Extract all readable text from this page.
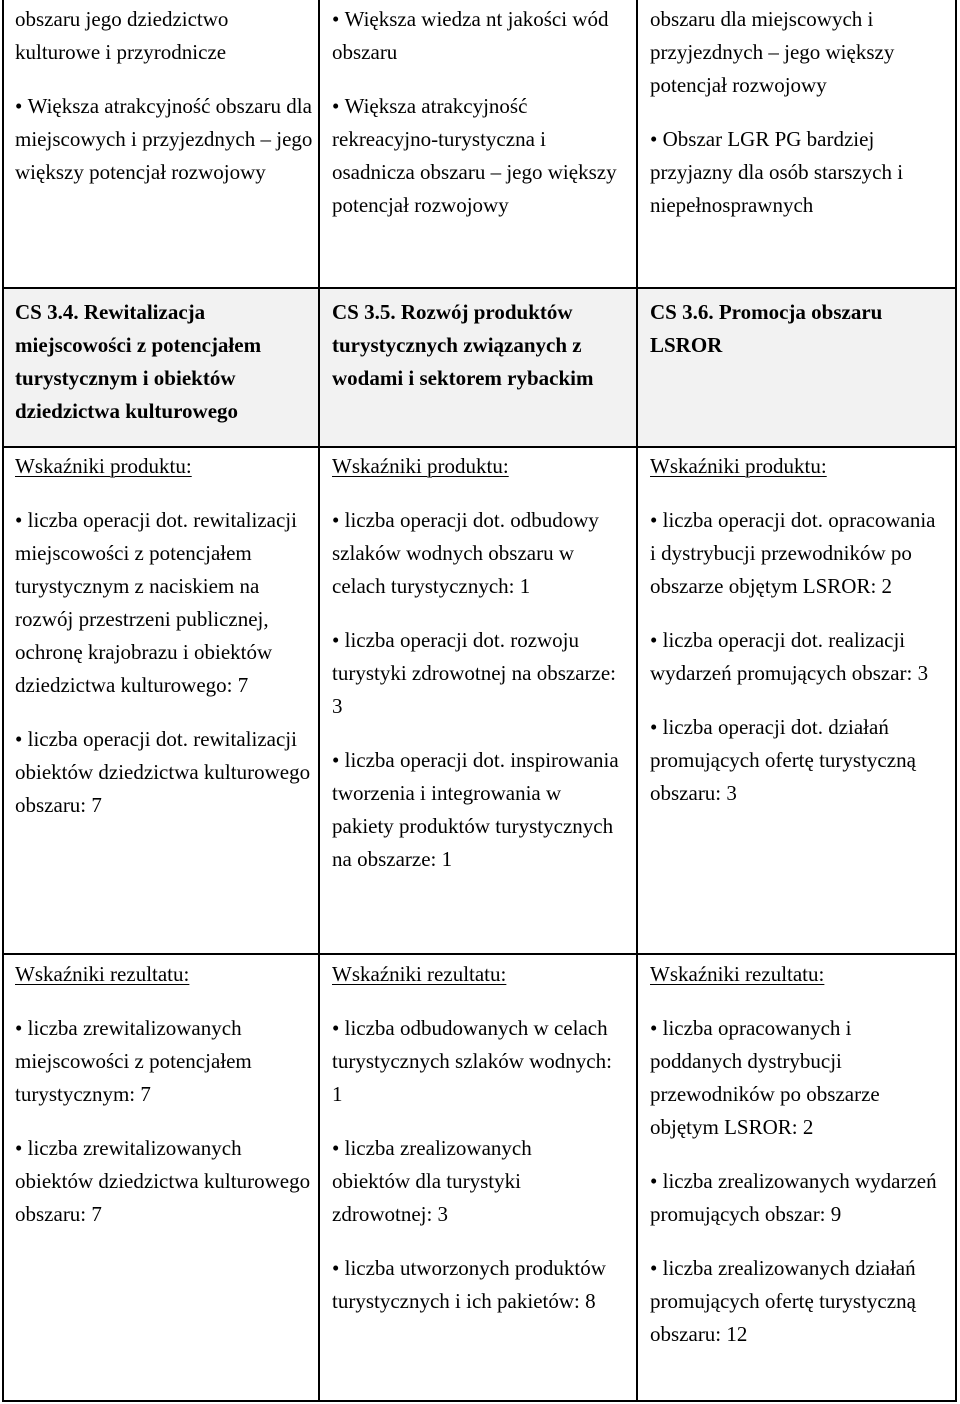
obszaru jego dziedzictwo kulturowe i przyrodnicze

• Większa atrakcyjność obszaru dla miejscowych i przyjezdnych – jego większy potencjał rozwojowy

• Większa wiedza nt jakości wód obszaru

• Większa atrakcyjność rekreacyjno-turystyczna i osadnicza obszaru – jego większy potencjał rozwojowy

obszaru dla miejscowych i przyjezdnych – jego większy potencjał rozwojowy

• Obszar LGR PG bardziej przyjazny dla osób starszych i niepełnosprawnych

CS 3.4. Rewitalizacja miejscowości z potencjałem turystycznym i obiektów dziedzictwa kulturowego

CS 3.5. Rozwój produktów turystycznych związanych z wodami i sektorem rybackim

CS 3.6. Promocja obszaru LSROR

Wskaźniki produktu:

• liczba operacji dot. rewitalizacji miejscowości z potencjałem turystycznym z naciskiem na rozwój przestrzeni publicznej, ochronę krajobrazu i obiektów dziedzictwa kulturowego: 7

• liczba operacji dot. rewitalizacji obiektów dziedzictwa kulturowego obszaru: 7

Wskaźniki produktu:

• liczba operacji dot. odbudowy szlaków wodnych obszaru w celach turystycznych: 1

• liczba operacji dot. rozwoju turystyki zdrowotnej na obszarze: 3

• liczba operacji dot. inspirowania tworzenia i integrowania w pakiety produktów turystycznych na obszarze: 1

Wskaźniki produktu:

• liczba operacji dot. opracowania i dystrybucji przewodników po obszarze objętym LSROR: 2

• liczba operacji dot. realizacji wydarzeń promujących obszar: 3

• liczba operacji dot. działań promujących ofertę turystyczną obszaru: 3

Wskaźniki rezultatu:

• liczba zrewitalizowanych miejscowości z potencjałem turystycznym: 7

• liczba zrewitalizowanych obiektów dziedzictwa kulturowego obszaru: 7

Wskaźniki rezultatu:

• liczba odbudowanych w celach turystycznych szlaków wodnych: 1

• liczba zrealizowanych obiektów dla turystyki zdrowotnej: 3

• liczba utworzonych produktów turystycznych i ich pakietów: 8

Wskaźniki rezultatu:

• liczba opracowanych i poddanych dystrybucji przewodników po obszarze objętym LSROR: 2

• liczba zrealizowanych wydarzeń promujących obszar: 9

• liczba zrealizowanych działań promujących ofertę turystyczną obszaru: 12
